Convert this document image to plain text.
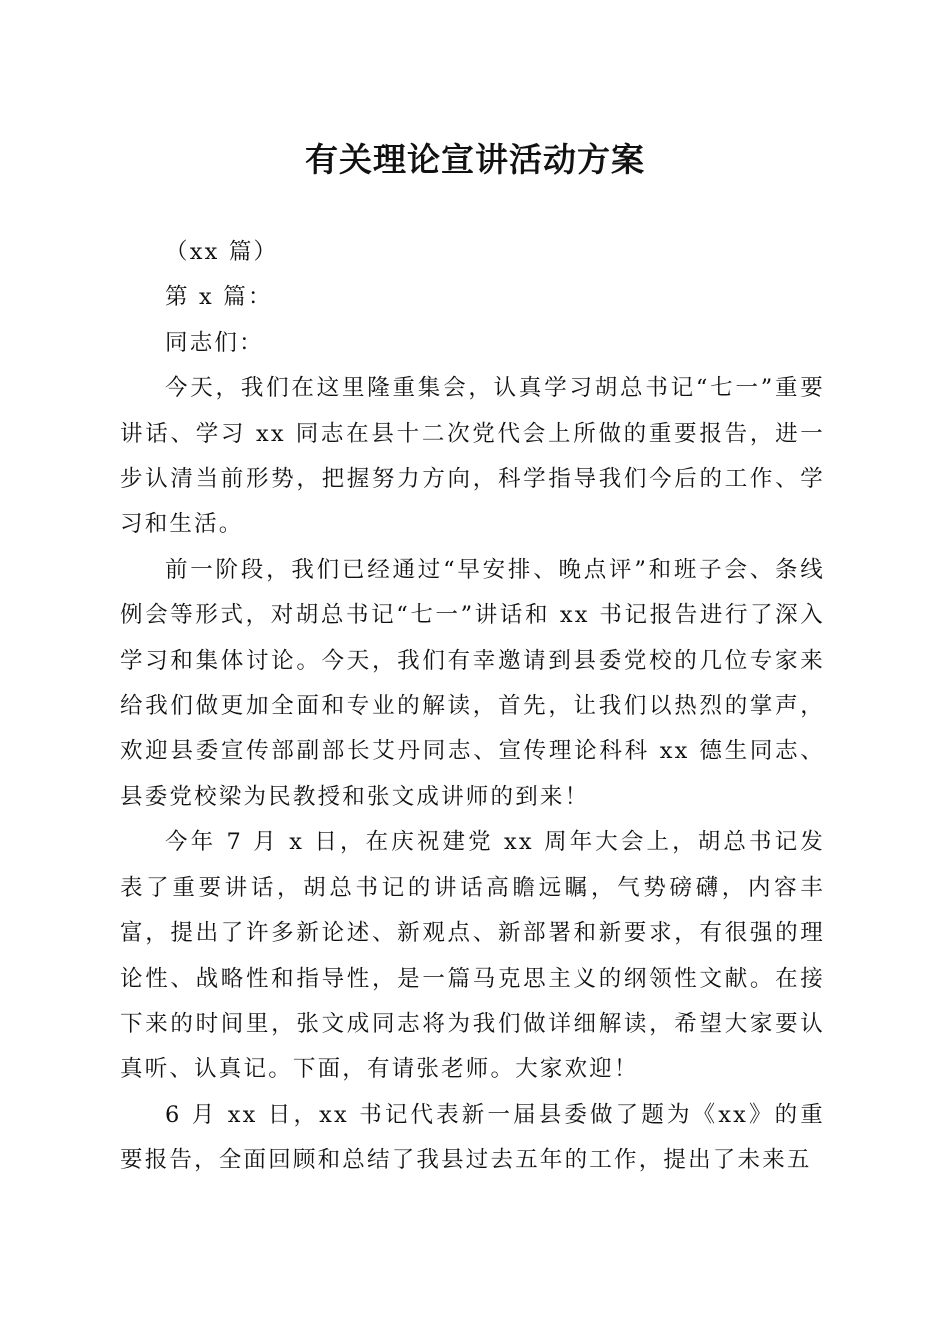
有关理论宣讲活动方案

（xx 篇）

第 x 篇：

同志们：

今天，我们在这里隆重集会，认真学习胡总书记“七一”重要讲话、学习 xx 同志在县十二次党代会上所做的重要报告，进一步认清当前形势，把握努力方向，科学指导我们今后的工作、学习和生活。

前一阶段，我们已经通过“早安排、晚点评”和班子会、条线例会等形式，对胡总书记“七一”讲话和 xx 书记报告进行了深入学习和集体讨论。今天，我们有幸邀请到县委党校的几位专家来给我们做更加全面和专业的解读，首先，让我们以热烈的掌声，欢迎县委宣传部副部长艾丹同志、宣传理论科科 xx 德生同志、县委党校梁为民教授和张文成讲师的到来！

今年 7 月 x 日，在庆祝建党 xx 周年大会上，胡总书记发表了重要讲话，胡总书记的讲话高瞻远瞩，气势磅礴，内容丰富，提出了许多新论述、新观点、新部署和新要求，有很强的理论性、战略性和指导性，是一篇马克思主义的纲领性文献。在接下来的时间里，张文成同志将为我们做详细解读，希望大家要认真听、认真记。下面，有请张老师。大家欢迎！

6 月 xx 日，xx 书记代表新一届县委做了题为《xx》的重要报告，全面回顾和总结了我县过去五年的工作，提出了未来五
